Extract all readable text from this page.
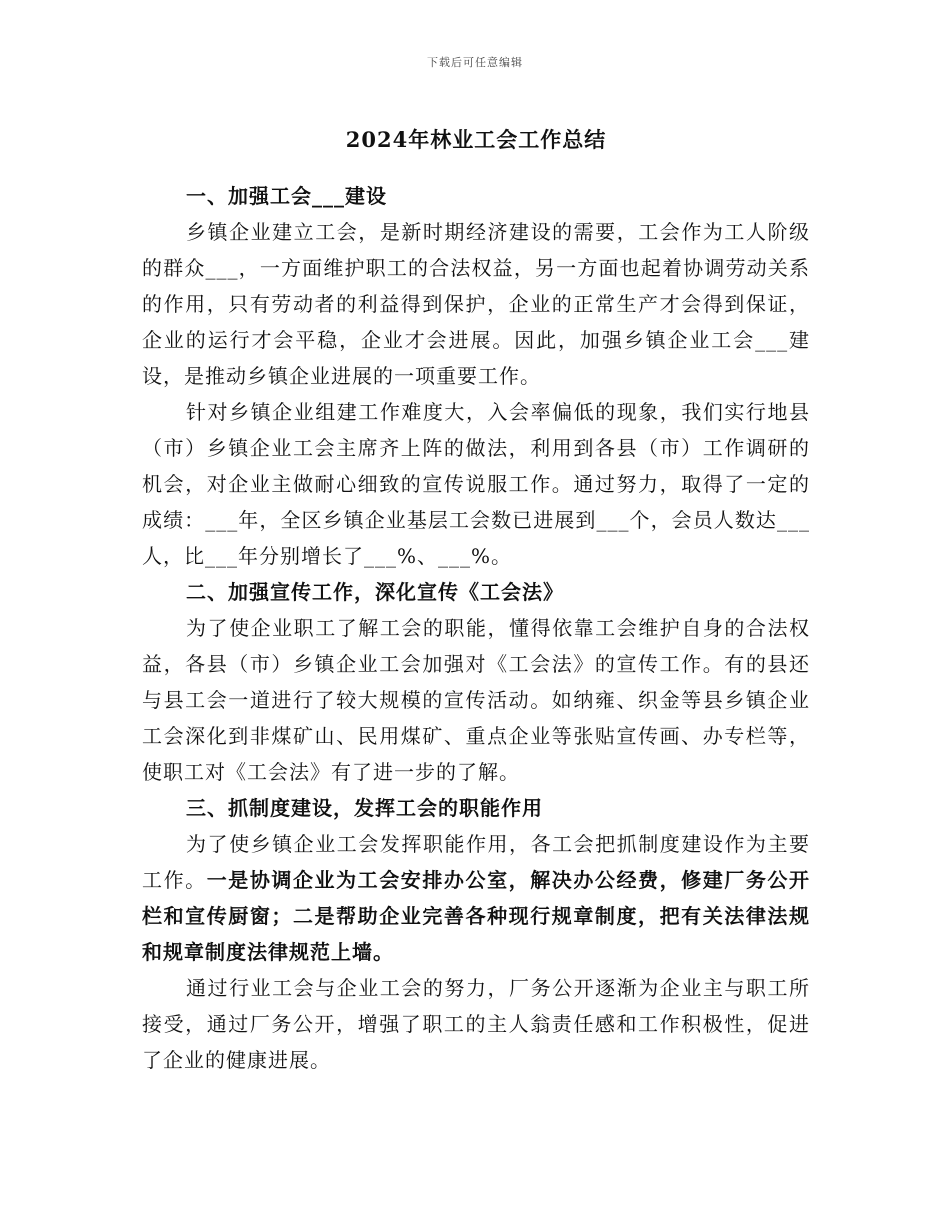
下载后可任意编辑
2024年林业工会工作总结

一、加强工会___建设

乡镇企业建立工会，是新时期经济建设的需要，工会作为工人阶级的群众___，一方面维护职工的合法权益，另一方面也起着协调劳动关系的作用，只有劳动者的利益得到保护，企业的正常生产才会得到保证，企业的运行才会平稳，企业才会进展。因此，加强乡镇企业工会___建设，是推动乡镇企业进展的一项重要工作。

针对乡镇企业组建工作难度大，入会率偏低的现象，我们实行地县（市）乡镇企业工会主席齐上阵的做法，利用到各县（市）工作调研的机会，对企业主做耐心细致的宣传说服工作。通过努力，取得了一定的成绩：___年，全区乡镇企业基层工会数已进展到___个，会员人数达___人，比___年分别增长了___%、___%。

二、加强宣传工作，深化宣传《工会法》

为了使企业职工了解工会的职能，懂得依靠工会维护自身的合法权益，各县（市）乡镇企业工会加强对《工会法》的宣传工作。有的县还与县工会一道进行了较大规模的宣传活动。如纳雍、织金等县乡镇企业工会深化到非煤矿山、民用煤矿、重点企业等张贴宣传画、办专栏等，使职工对《工会法》有了进一步的了解。

三、抓制度建设，发挥工会的职能作用

为了使乡镇企业工会发挥职能作用，各工会把抓制度建设作为主要工作。一是协调企业为工会安排办公室，解决办公经费，修建厂务公开栏和宣传厨窗；二是帮助企业完善各种现行规章制度，把有关法律法规和规章制度法律规范上墙。

通过行业工会与企业工会的努力，厂务公开逐渐为企业主与职工所接受，通过厂务公开，增强了职工的主人翁责任感和工作积极性，促进了企业的健康进展。
